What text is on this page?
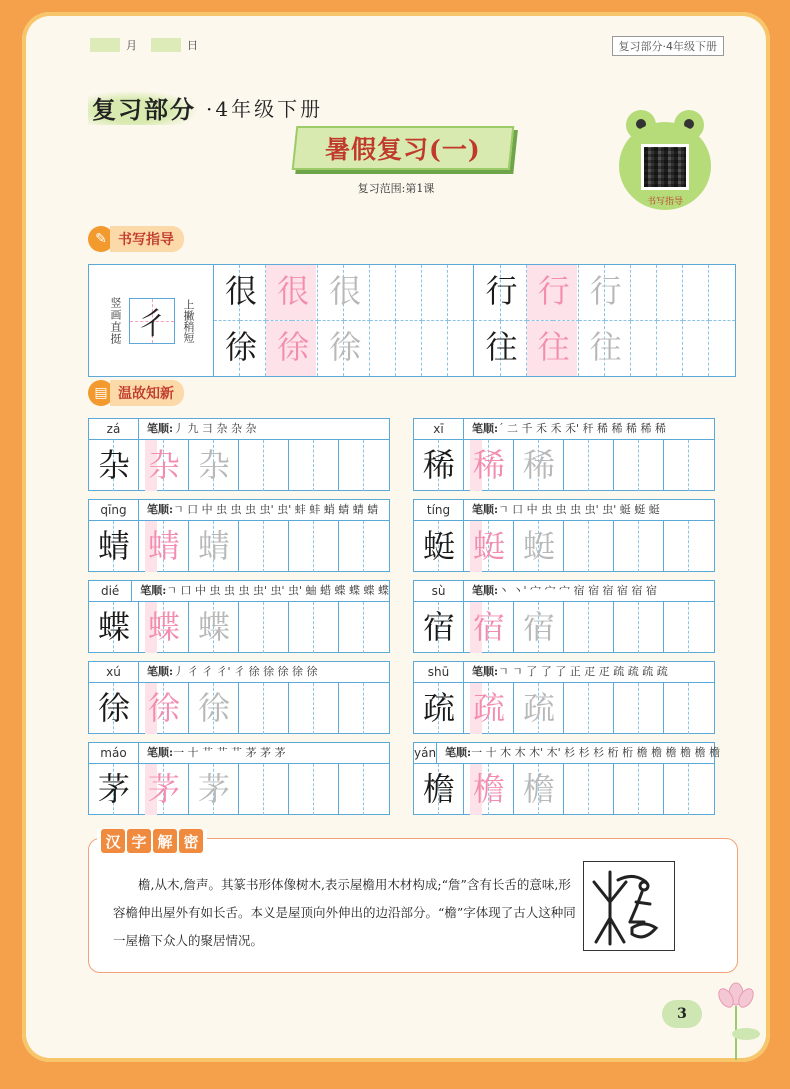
月	日	复习部分·4年级下册
复习部分 ·4年级下册
暑假复习(一)
复习范围:第1课
书写指导
✎ 书写指导
竖画直挺 彳 上撇稍短
很 很 很	行 行 行
徐 徐 徐	往 往 往
▤ 温故知新
zá	笔顺:丿 九 ⺕ 杂 杂 杂
杂 杂 杂
xī	笔顺:ˊ 二 千 禾 禾 禾' 秆 稀 稀 稀 稀 稀
稀 稀 稀
qīng	笔顺:ㄱ 口 中 虫 虫 虫 虫' 虫' 蚌 蚌 蛸 蜻 蜻 蜻
蜻 蜻 蜻
tíng	笔顺:ㄱ 口 中 虫 虫 虫 虫' 虫' 蜓 蜓 蜓
蜓 蜓 蜓
dié	笔顺:ㄱ 口 中 虫 虫 虫 虫' 虫' 虫' 蚰 蜡 蝶 蝶 蝶 蝶
蝶 蝶 蝶
sù	笔顺:丶 丶' 宀 宀 宀 宿 宿 宿 宿 宿 宿
宿 宿 宿
xú	笔顺:丿 彳 彳 彳' 彳 徐 徐 徐 徐 徐
徐 徐 徐
shū	笔顺:ㄱ ㄱ 了 了 了 正 疋 疋 疏 疏 疏 疏
疏 疏 疏
máo	笔顺:一 十 艹 艹 艹 茅 茅 茅
茅 茅 茅
yán 笔顺:一 十 木 木 木' 木' 杉 杉 杉 桁 桁 檐 檐 檐 檐 檐 檐
檐 檐 檐
汉 字 解 密
檐,从木,詹声。其篆书形体像树木,表示屋檐用木材构成;“詹”含有长舌的意味,形容檐伸出屋外有如长舌。本义是屋顶向外伸出的边沿部分。“檐”字体现了古人这种同一屋檐下众人的聚居情况。
3
